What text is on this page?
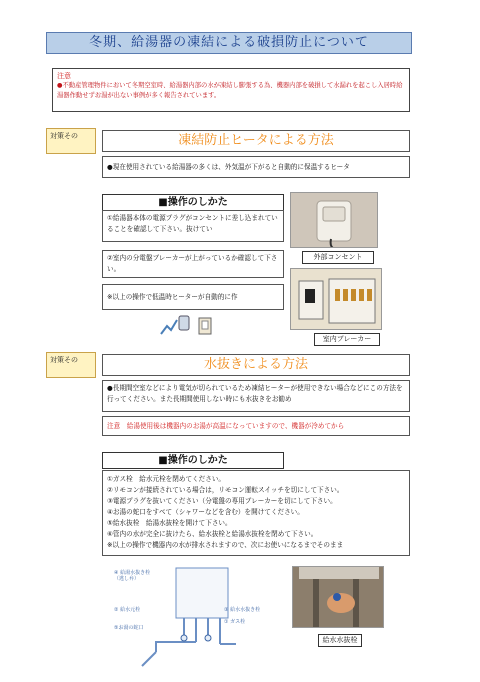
冬期、給湯器の凍結による破損防止について
注意
●不動産管理物件において冬期空室時、給湯器内部の水が凍結し膨張する為、機器内部を破損して水漏れを起こし入居時給湯器作動せずお湯が出ない事例が多く報告されています。
対策その	凍結防止ヒータによる方法
●現在使用されている給湯器の多くは、外気温が下がると自動的に保温するヒータ
■操作のしかた
①給湯器本体の電源プラグがコンセントに差し込まれていることを確認して下さい。抜けてい
②室内の分電盤ブレーカーが上がっているか確認して下さい。
※以上の操作で低温時ヒーターが自動的に作
外部コンセント
室内ブレーカー
対策その	水抜きによる方法
●長期間空室などにより電気が切られているため凍結ヒーターが使用できない場合などにこの方法を行ってください。また長期間使用しない時にも水抜きをお勧め
注意　給湯使用後は機器内のお湯が高温になっていますので、機器が冷めてから
■操作のしかた
①ガス栓　給水元栓を閉めてください。
②リモコンが接続されている場合は，リモコン運転スイッチを切にして下さい。
③電源プラグを抜いてください（分電盤の専用ブレーカーを切にして下さい。
④お湯の蛇口をすべて（シャワーなどを含む）を開けてください。
⑤給水抜栓　給湯水抜栓を開けて下さい。
⑥管内の水が完全に抜けたら、給水抜栓と給湯水抜栓を閉めて下さい。
※以上の操作で機器内の水が排水されますので、次にお使いになるまでそのまま
④ 給湯水抜き栓
（逃し弁）
② 給水元栓
⑤お湯の蛇口
③ 給水水抜き栓
① ガス栓
給水水抜栓
